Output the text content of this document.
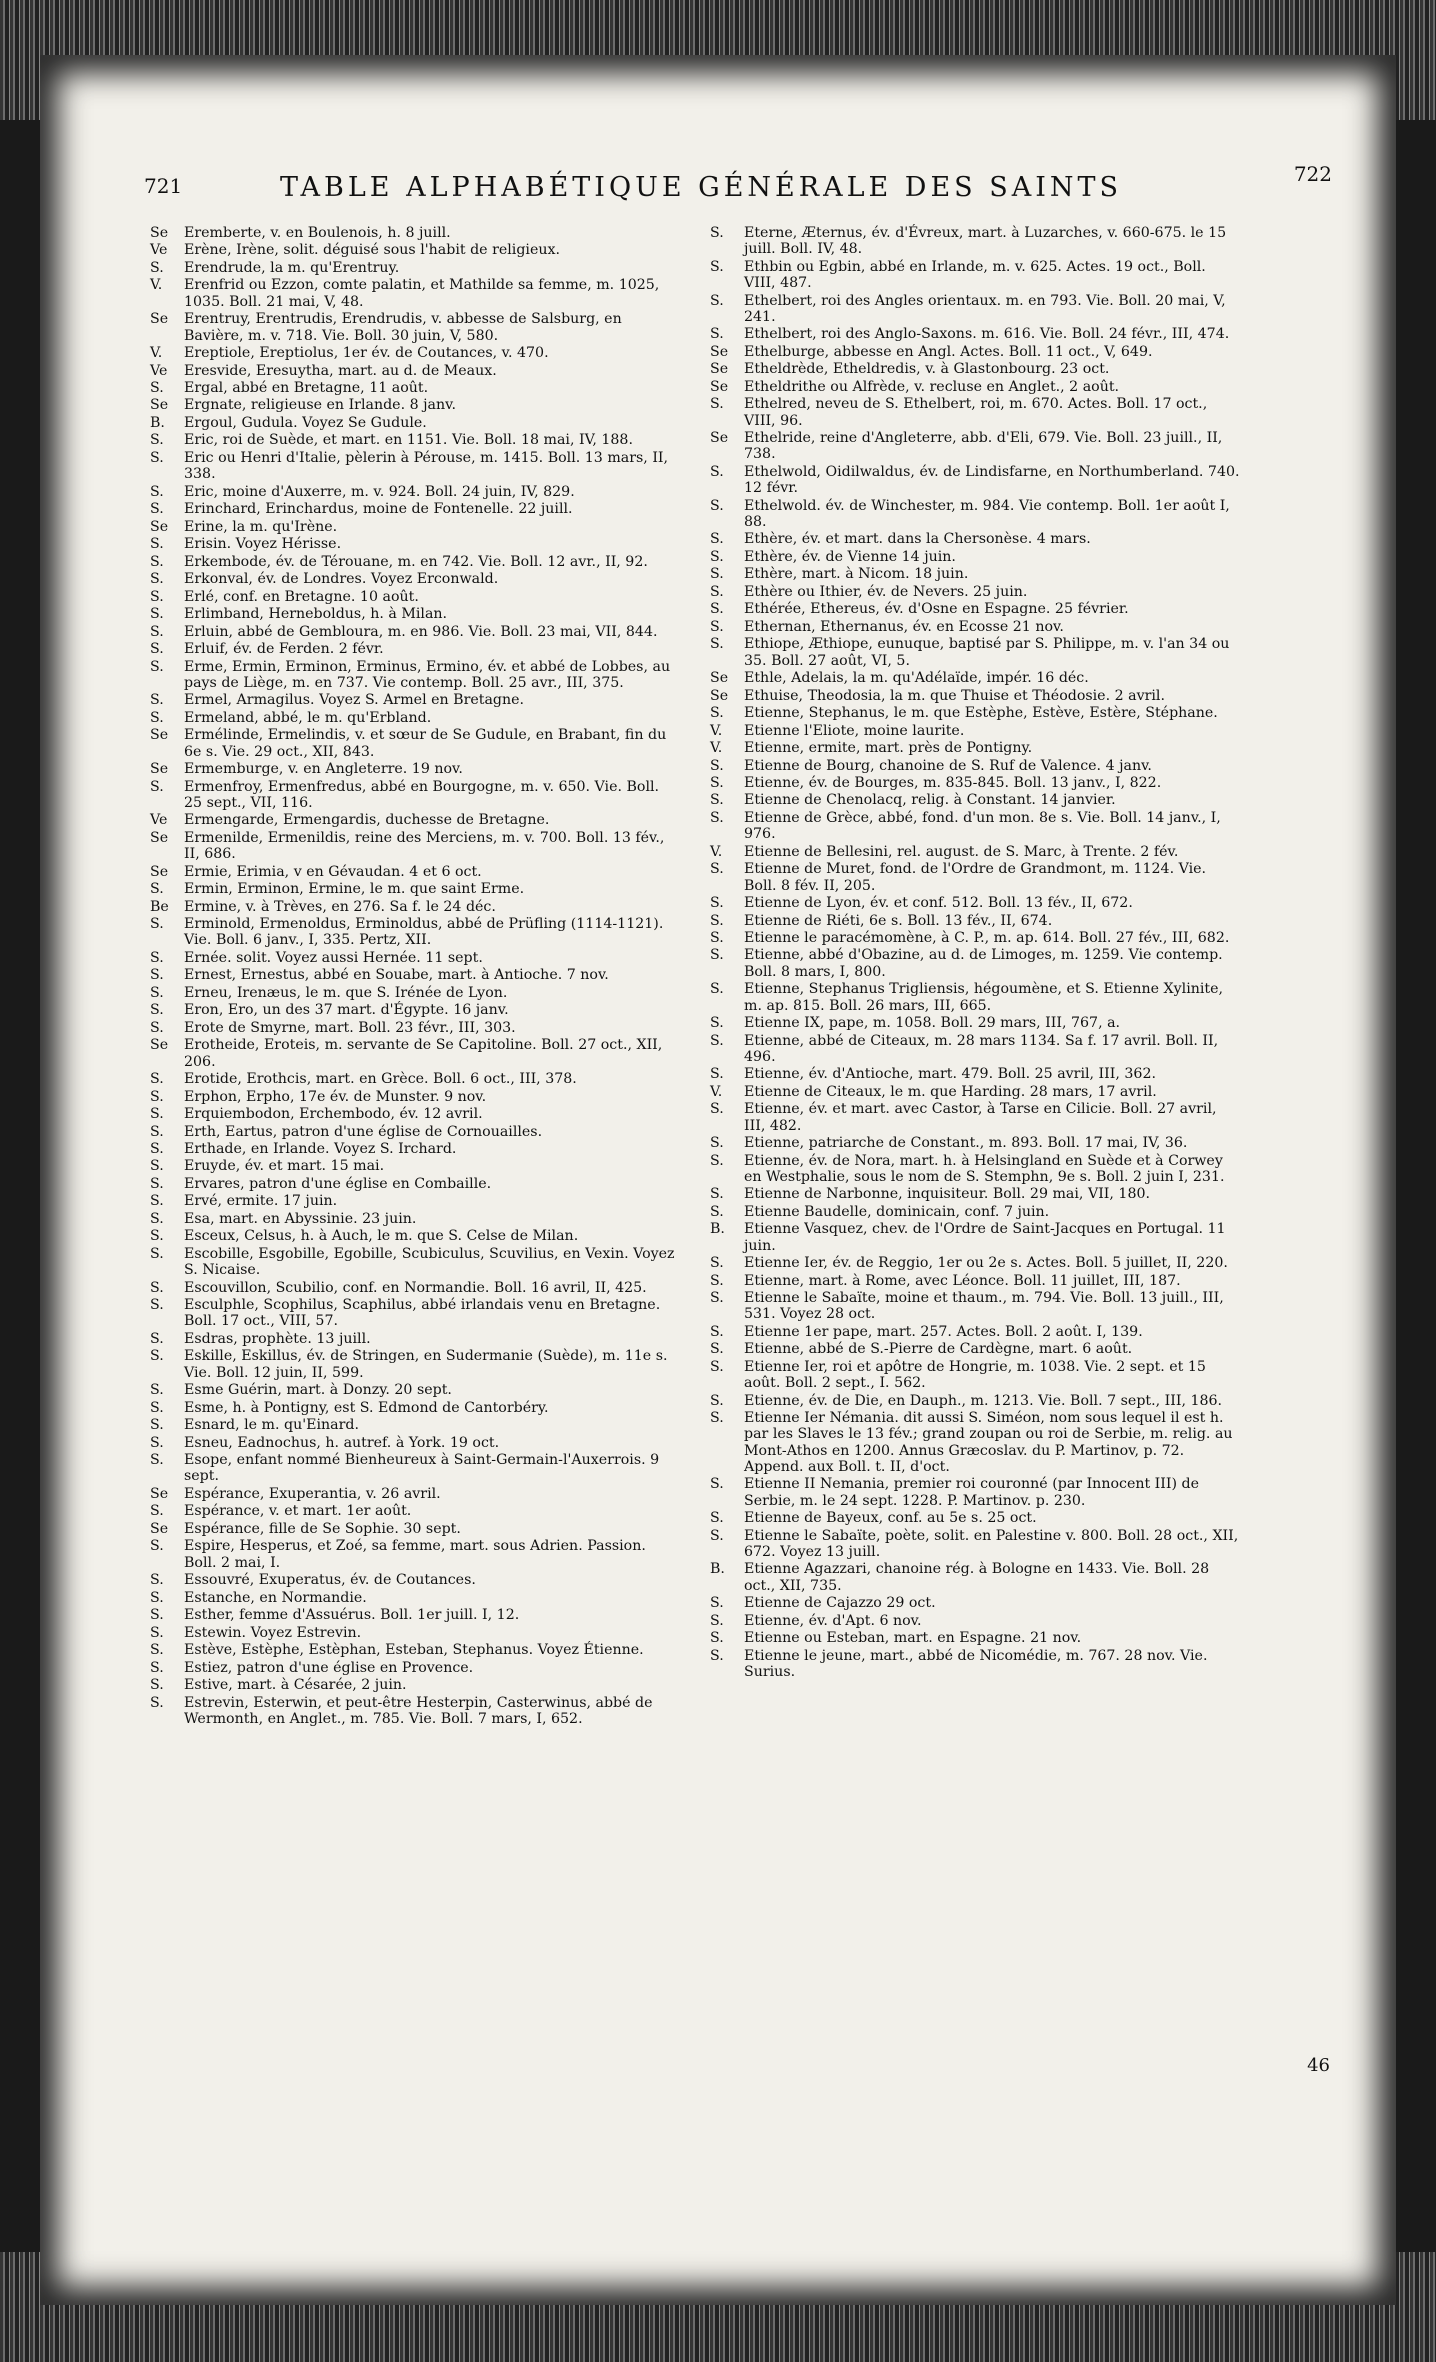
721	TABLE ALPHABÉTIQUE GÉNÉRALE DES SAINTS	722
Se	Eremberte, v. en Boulenois, h. 8 juill.
Ve	Erène, Irène, solit. déguisé sous l'habit de religieux.
S.	Erendrude, la m. qu'Erentruy.
V.	Erenfrid ou Ezzon, comte palatin, et Mathilde sa femme, m. 1025, 1035. Boll. 21 mai, V, 48.
Se	Erentruy, Erentrudis, Erendrudis, v. abbesse de Salsburg, en Bavière, m. v. 718. Vie. Boll. 30 juin, V, 580.
V.	Ereptiole, Ereptiolus, 1er év. de Coutances, v. 470.
Ve	Eresvide, Eresuytha, mart. au d. de Meaux.
S.	Ergal, abbé en Bretagne, 11 août.
Se	Ergnate, religieuse en Irlande. 8 janv.
B.	Ergoul, Gudula. Voyez Se Gudule.
S.	Eric, roi de Suède, et mart. en 1151. Vie. Boll. 18 mai, IV, 188.
S.	Eric ou Henri d'Italie, pèlerin à Pérouse, m. 1415. Boll. 13 mars, II, 338.
S.	Eric, moine d'Auxerre, m. v. 924. Boll. 24 juin, IV, 829.
S.	Erinchard, Erinchardus, moine de Fontenelle. 22 juill.
Se	Erine, la m. qu'Irène.
S.	Erisin. Voyez Hérisse.
S.	Erkembode, év. de Térouane, m. en 742. Vie. Boll. 12 avr., II, 92.
S.	Erkonval, év. de Londres. Voyez Erconwald.
S.	Erlé, conf. en Bretagne. 10 août.
S.	Erlimband, Herneboldus, h. à Milan.
S.	Erluin, abbé de Gembloura, m. en 986. Vie. Boll. 23 mai, VII, 844.
S.	Erluif, év. de Ferden. 2 févr.
S.	Erme, Ermin, Erminon, Erminus, Ermino, év. et abbé de Lobbes, au pays de Liège, m. en 737. Vie contemp. Boll. 25 avr., III, 375.
S.	Ermel, Armagilus. Voyez S. Armel en Bretagne.
S.	Ermeland, abbé, le m. qu'Erbland.
Se	Ermélinde, Ermelindis, v. et sœur de Se Gudule, en Brabant, fin du 6e s. Vie. 29 oct., XII, 843.
Se	Ermemburge, v. en Angleterre. 19 nov.
S.	Ermenfroy, Ermenfredus, abbé en Bourgogne, m. v. 650. Vie. Boll. 25 sept., VII, 116.
Ve	Ermengarde, Ermengardis, duchesse de Bretagne.
Se	Ermenilde, Ermenildis, reine des Merciens, m. v. 700. Boll. 13 fév., II, 686.
Se	Ermie, Erimia, v en Gévaudan. 4 et 6 oct.
S.	Ermin, Erminon, Ermine, le m. que saint Erme.
Be	Ermine, v. à Trèves, en 276. Sa f. le 24 déc.
S.	Erminold, Ermenoldus, Erminoldus, abbé de Prüfling (1114-1121). Vie. Boll. 6 janv., I, 335. Pertz, XII.
S.	Ernée. solit. Voyez aussi Hernée. 11 sept.
S.	Ernest, Ernestus, abbé en Souabe, mart. à Antioche. 7 nov.
S.	Erneu, Irenæus, le m. que S. Irénée de Lyon.
S.	Eron, Ero, un des 37 mart. d'Égypte. 16 janv.
S.	Erote de Smyrne, mart. Boll. 23 févr., III, 303.
Se	Erotheide, Eroteis, m. servante de Se Capitoline. Boll. 27 oct., XII, 206.
S.	Erotide, Erothcis, mart. en Grèce. Boll. 6 oct., III, 378.
S.	Erphon, Erpho, 17e év. de Munster. 9 nov.
S.	Erquiembodon, Erchembodo, év. 12 avril.
S.	Erth, Eartus, patron d'une église de Cornouailles.
S.	Erthade, en Irlande. Voyez S. Irchard.
S.	Eruyde, év. et mart. 15 mai.
S.	Ervares, patron d'une église en Combaille.
S.	Ervé, ermite. 17 juin.
S.	Esa, mart. en Abyssinie. 23 juin.
S.	Esceux, Celsus, h. à Auch, le m. que S. Celse de Milan.
S.	Escobille, Esgobille, Egobille, Scubiculus, Scuvilius, en Vexin. Voyez S. Nicaise.
S.	Escouvillon, Scubilio, conf. en Normandie. Boll. 16 avril, II, 425.
S.	Esculphle, Scophilus, Scaphilus, abbé irlandais venu en Bretagne. Boll. 17 oct., VIII, 57.
S.	Esdras, prophète. 13 juill.
S.	Eskille, Eskillus, év. de Stringen, en Sudermanie (Suède), m. 11e s. Vie. Boll. 12 juin, II, 599.
S.	Esme Guérin, mart. à Donzy. 20 sept.
S.	Esme, h. à Pontigny, est S. Edmond de Cantorbéry.
S.	Esnard, le m. qu'Einard.
S.	Esneu, Eadnochus, h. autref. à York. 19 oct.
S.	Esope, enfant nommé Bienheureux à Saint-Germain-l'Auxerrois. 9 sept.
Se	Espérance, Exuperantia, v. 26 avril.
S.	Espérance, v. et mart. 1er août.
Se	Espérance, fille de Se Sophie. 30 sept.
S.	Espire, Hesperus, et Zoé, sa femme, mart. sous Adrien. Passion. Boll. 2 mai, I.
S.	Essouvré, Exuperatus, év. de Coutances.
S.	Estanche, en Normandie.
S.	Esther, femme d'Assuérus. Boll. 1er juill. I, 12.
S.	Estewin. Voyez Estrevin.
S.	Estève, Estèphe, Estèphan, Esteban, Stephanus. Voyez Étienne.
S.	Estiez, patron d'une église en Provence.
S.	Estive, mart. à Césarée, 2 juin.
S.	Estrevin, Esterwin, et peut-être Hesterpin, Casterwinus, abbé de Wermonth, en Anglet., m. 785. Vie. Boll. 7 mars, I, 652.
S.	Eterne, Æternus, év. d'Évreux, mart. à Luzarches, v. 660-675. le 15 juill. Boll. IV, 48.
S.	Ethbin ou Egbin, abbé en Irlande, m. v. 625. Actes. 19 oct., Boll. VIII, 487.
S.	Ethelbert, roi des Angles orientaux. m. en 793. Vie. Boll. 20 mai, V, 241.
S.	Ethelbert, roi des Anglo-Saxons. m. 616. Vie. Boll. 24 févr., III, 474.
Se	Ethelburge, abbesse en Angl. Actes. Boll. 11 oct., V, 649.
Se	Etheldrède, Etheldredis, v. à Glastonbourg. 23 oct.
Se	Etheldrithe ou Alfrède, v. recluse en Anglet., 2 août.
S.	Ethelred, neveu de S. Ethelbert, roi, m. 670. Actes. Boll. 17 oct., VIII, 96.
Se	Ethelride, reine d'Angleterre, abb. d'Eli, 679. Vie. Boll. 23 juill., II, 738.
S.	Ethelwold, Oidilwaldus, év. de Lindisfarne, en Northumberland. 740. 12 févr.
S.	Ethelwold. év. de Winchester, m. 984. Vie contemp. Boll. 1er août I, 88.
S.	Ethère, év. et mart. dans la Chersonèse. 4 mars.
S.	Ethère, év. de Vienne 14 juin.
S.	Ethère, mart. à Nicom. 18 juin.
S.	Ethère ou Ithier, év. de Nevers. 25 juin.
S.	Ethérée, Ethereus, év. d'Osne en Espagne. 25 février.
S.	Ethernan, Ethernanus, év. en Ecosse 21 nov.
S.	Ethiope, Æthiope, eunuque, baptisé par S. Philippe, m. v. l'an 34 ou 35. Boll. 27 août, VI, 5.
Se	Ethle, Adelais, la m. qu'Adélaïde, impér. 16 déc.
Se	Ethuise, Theodosia, la m. que Thuise et Théodosie. 2 avril.
S.	Etienne, Stephanus, le m. que Estèphe, Estève, Estère, Stéphane.
V.	Etienne l'Eliote, moine laurite.
V.	Etienne, ermite, mart. près de Pontigny.
S.	Etienne de Bourg, chanoine de S. Ruf de Valence. 4 janv.
S.	Etienne, év. de Bourges, m. 835-845. Boll. 13 janv., I, 822.
S.	Etienne de Chenolacq, relig. à Constant. 14 janvier.
S.	Etienne de Grèce, abbé, fond. d'un mon. 8e s. Vie. Boll. 14 janv., I, 976.
V.	Etienne de Bellesini, rel. august. de S. Marc, à Trente. 2 fév.
S.	Etienne de Muret, fond. de l'Ordre de Grandmont, m. 1124. Vie. Boll. 8 fév. II, 205.
S.	Etienne de Lyon, év. et conf. 512. Boll. 13 fév., II, 672.
S.	Etienne de Riéti, 6e s. Boll. 13 fév., II, 674.
S.	Etienne le paracémomène, à C. P., m. ap. 614. Boll. 27 fév., III, 682.
S.	Etienne, abbé d'Obazine, au d. de Limoges, m. 1259. Vie contemp. Boll. 8 mars, I, 800.
S.	Etienne, Stephanus Trigliensis, hégoumène, et S. Etienne Xylinite, m. ap. 815. Boll. 26 mars, III, 665.
S.	Etienne IX, pape, m. 1058. Boll. 29 mars, III, 767, a.
S.	Etienne, abbé de Citeaux, m. 28 mars 1134. Sa f. 17 avril. Boll. II, 496.
S.	Etienne, év. d'Antioche, mart. 479. Boll. 25 avril, III, 362.
V.	Etienne de Citeaux, le m. que Harding. 28 mars, 17 avril.
S.	Etienne, év. et mart. avec Castor, à Tarse en Cilicie. Boll. 27 avril, III, 482.
S.	Etienne, patriarche de Constant., m. 893. Boll. 17 mai, IV, 36.
S.	Etienne, év. de Nora, mart. h. à Helsingland en Suède et à Corwey en Westphalie, sous le nom de S. Stemphn, 9e s. Boll. 2 juin I, 231.
S.	Etienne de Narbonne, inquisiteur. Boll. 29 mai, VII, 180.
S.	Etienne Baudelle, dominicain, conf. 7 juin.
B.	Etienne Vasquez, chev. de l'Ordre de Saint-Jacques en Portugal. 11 juin.
S.	Etienne Ier, év. de Reggio, 1er ou 2e s. Actes. Boll. 5 juillet, II, 220.
S.	Etienne, mart. à Rome, avec Léonce. Boll. 11 juillet, III, 187.
S.	Etienne le Sabaïte, moine et thaum., m. 794. Vie. Boll. 13 juill., III, 531. Voyez 28 oct.
S.	Etienne 1er pape, mart. 257. Actes. Boll. 2 août. I, 139.
S.	Etienne, abbé de S.-Pierre de Cardègne, mart. 6 août.
S.	Etienne Ier, roi et apôtre de Hongrie, m. 1038. Vie. 2 sept. et 15 août. Boll. 2 sept., I. 562.
S.	Etienne, év. de Die, en Dauph., m. 1213. Vie. Boll. 7 sept., III, 186.
S.	Etienne Ier Némania. dit aussi S. Siméon, nom sous lequel il est h. par les Slaves le 13 fév.; grand zoupan ou roi de Serbie, m. relig. au Mont-Athos en 1200. Annus Græcoslav. du P. Martinov, p. 72. Append. aux Boll. t. II, d'oct.
S.	Etienne II Nemania, premier roi couronné (par Innocent III) de Serbie, m. le 24 sept. 1228. P. Martinov. p. 230.
S.	Etienne de Bayeux, conf. au 5e s. 25 oct.
S.	Etienne le Sabaïte, poète, solit. en Palestine v. 800. Boll. 28 oct., XII, 672. Voyez 13 juill.
B.	Etienne Agazzari, chanoine rég. à Bologne en 1433. Vie. Boll. 28 oct., XII, 735.
S.	Etienne de Cajazzo 29 oct.
S.	Etienne, év. d'Apt. 6 nov.
S.	Etienne ou Esteban, mart. en Espagne. 21 nov.
S.	Etienne le jeune, mart., abbé de Nicomédie, m. 767. 28 nov. Vie. Surius.
46
